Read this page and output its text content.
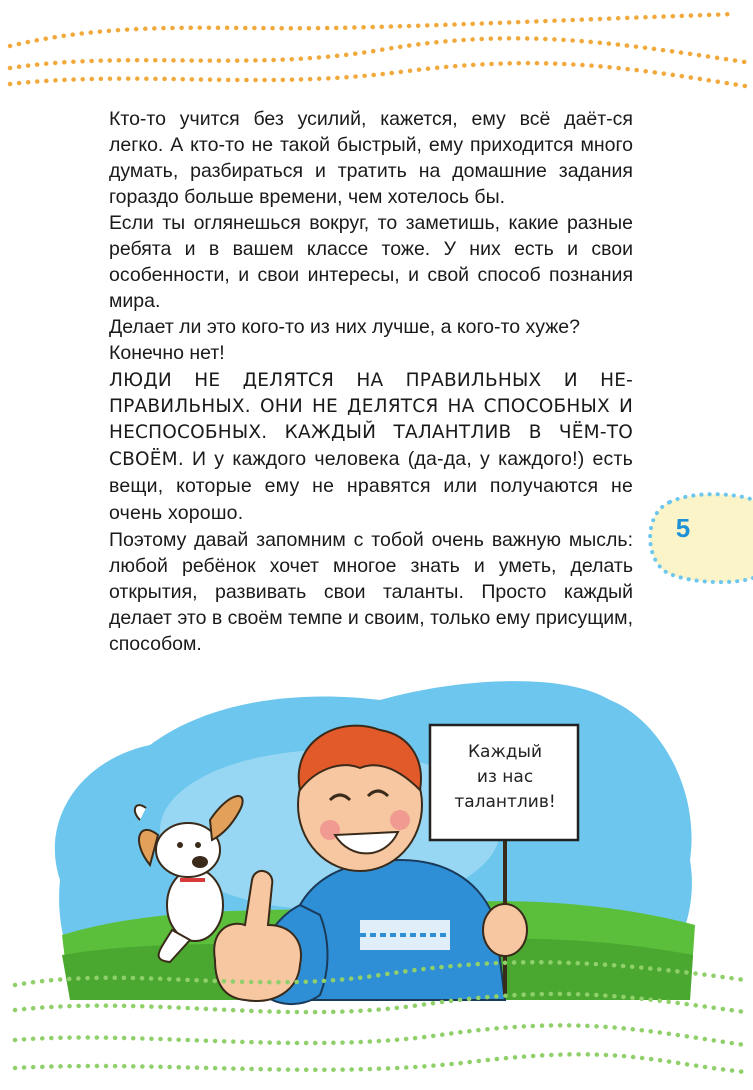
5

Кто-то учится без усилий, кажется, ему всё даёт-ся легко. А кто-то не такой быстрый, ему приходится много думать, разбираться и тратить на домашние задания гораздо больше времени, чем хотелось бы.

Если ты оглянешься вокруг, то заметишь, какие разные ребята и в вашем классе тоже. У них есть и свои особенности, и свои интересы, и свой способ познания мира.

Делает ли это кого-то из них лучше, а кого-то хуже?

Конечно нет!

ЛЮДИ НЕ ДЕЛЯТСЯ НА ПРАВИЛЬНЫХ И НЕ-ПРАВИЛЬНЫХ. ОНИ НЕ ДЕЛЯТСЯ НА СПОСОБНЫХ И НЕСПОСОБНЫХ. КАЖДЫЙ ТАЛАНТЛИВ В ЧЁМ-ТО СВОЁМ. И у каждого человека (да-да, у каждого!) есть вещи, которые ему не нравятся или получаются не очень хорошо.

Поэтому давай запомним с тобой очень важную мысль: любой ребёнок хочет многое знать и уметь, делать открытия, развивать свои таланты. Просто каждый делает это в своём темпе и своим, только ему присущим, способом.

Каждый
из нас
талантлив!
